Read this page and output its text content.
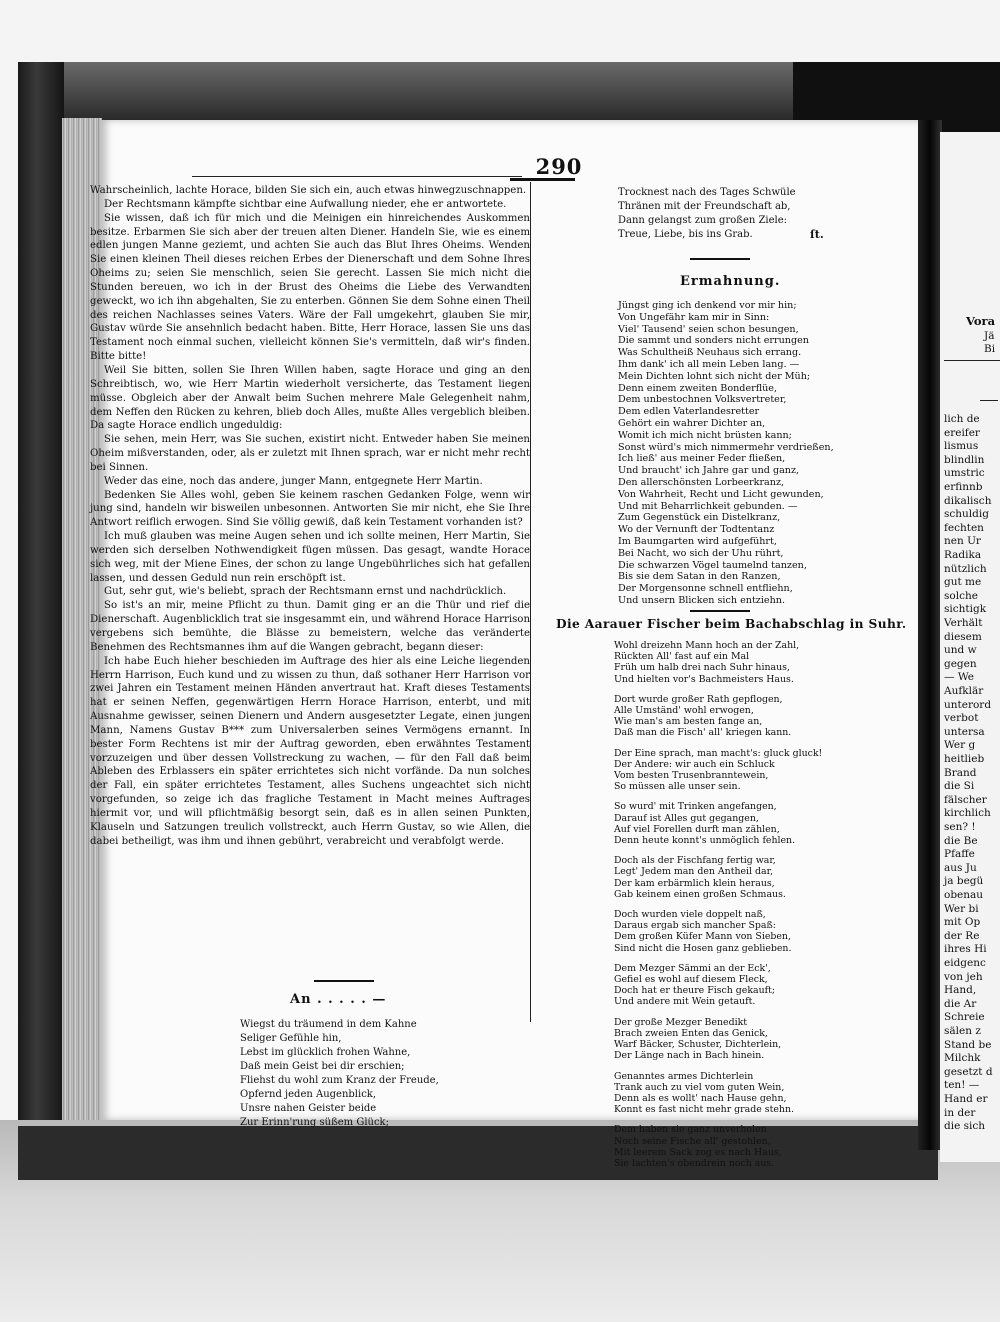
290

Wahrscheinlich, lachte Horace, bilden Sie sich ein, auch etwas hinwegzuschnappen.

Der Rechtsmann kämpfte sichtbar eine Aufwallung nieder, ehe er antwortete.

Sie wissen, daß ich für mich und die Meinigen ein hinreichendes Auskommen besitze. Erbarmen Sie sich aber der treuen alten Diener. Handeln Sie, wie es einem edlen jungen Manne geziemt, und achten Sie auch das Blut Ihres Oheims. Wenden Sie einen kleinen Theil dieses reichen Erbes der Dienerschaft und dem Sohne Ihres Oheims zu; seien Sie menschlich, seien Sie gerecht. Lassen Sie mich nicht die Stunden bereuen, wo ich in der Brust des Oheims die Liebe des Verwandten geweckt, wo ich ihn abgehalten, Sie zu enterben. Gönnen Sie dem Sohne einen Theil des reichen Nachlasses seines Vaters. Wäre der Fall umgekehrt, glauben Sie mir, Gustav würde Sie ansehnlich bedacht haben. Bitte, Herr Horace, lassen Sie uns das Testament noch einmal suchen, vielleicht können Sie's vermitteln, daß wir's finden. Bitte bitte!

Weil Sie bitten, sollen Sie Ihren Willen haben, sagte Horace und ging an den Schreibtisch, wo, wie Herr Martin wiederholt versicherte, das Testament liegen müsse. Obgleich aber der Anwalt beim Suchen mehrere Male Gelegenheit nahm, dem Neffen den Rücken zu kehren, blieb doch Alles, mußte Alles vergeblich bleiben. Da sagte Horace endlich ungeduldig:

Sie sehen, mein Herr, was Sie suchen, existirt nicht. Entweder haben Sie meinen Oheim mißverstanden, oder, als er zuletzt mit Ihnen sprach, war er nicht mehr recht bei Sinnen.

Weder das eine, noch das andere, junger Mann, entgegnete Herr Martin.

Bedenken Sie Alles wohl, geben Sie keinem raschen Gedanken Folge, wenn wir jung sind, handeln wir bisweilen unbesonnen. Antworten Sie mir nicht, ehe Sie Ihre Antwort reiflich erwogen. Sind Sie völlig gewiß, daß kein Testament vorhanden ist?

Ich muß glauben was meine Augen sehen und ich sollte meinen, Herr Martin, Sie werden sich derselben Nothwendigkeit fügen müssen. Das gesagt, wandte Horace sich weg, mit der Miene Eines, der schon zu lange Ungebührliches sich hat gefallen lassen, und dessen Geduld nun rein erschöpft ist.

Gut, sehr gut, wie's beliebt, sprach der Rechtsmann ernst und nachdrücklich.

So ist's an mir, meine Pflicht zu thun. Damit ging er an die Thür und rief die Dienerschaft. Augenblicklich trat sie insgesammt ein, und während Horace Harrison vergebens sich bemühte, die Blässe zu bemeistern, welche das veränderte Benehmen des Rechtsmannes ihm auf die Wangen gebracht, begann dieser:

Ich habe Euch hieher beschieden im Auftrage des hier als eine Leiche liegenden Herrn Harrison, Euch kund und zu wissen zu thun, daß sothaner Herr Harrison vor zwei Jahren ein Testament meinen Händen anvertraut hat. Kraft dieses Testaments hat er seinen Neffen, gegenwärtigen Herrn Horace Harrison, enterbt, und mit Ausnahme gewisser, seinen Dienern und Andern ausgesetzter Legate, einen jungen Mann, Namens Gustav B*** zum Universalerben seines Vermögens ernannt. In bester Form Rechtens ist mir der Auftrag geworden, eben erwähntes Testament vorzuzeigen und über dessen Vollstreckung zu wachen, — für den Fall daß beim Ableben des Erblassers ein später errichtetes sich nicht vorfände. Da nun solches der Fall, ein später errichtetes Testament, alles Suchens ungeachtet sich nicht vorgefunden, so zeige ich das fragliche Testament in Macht meines Auftrages hiermit vor, und will pflichtmäßig besorgt sein, daß es in allen seinen Punkten, Klauseln und Satzungen treulich vollstreckt, auch Herrn Gustav, so wie Allen, die dabei betheiligt, was ihm und ihnen gebührt, verabreicht und verabfolgt werde.

An . . . . . —
Wiegst du träumend in dem Kahne
Seliger Gefühle hin,
Lebst im glücklich frohen Wahne,
Daß mein Geist bei dir erschien;
Fliehst du wohl zum Kranz der Freude,
Opfernd jeden Augenblick,
Unsre nahen Geister beide
Zur Erinn'rung süßem Glück;
Trocknest nach des Tages Schwüle
Thränen mit der Freundschaft ab,
Dann gelangst zum großen Ziele:
Treue, Liebe, bis ins Grab.	ſt.
Ermahnung.
Jüngst ging ich denkend vor mir hin;
Von Ungefähr kam mir in Sinn:
Viel' Tausend' seien schon besungen,
Die sammt und sonders nicht errungen
Was Schultheiß Neuhaus sich errang.
Ihm dank' ich all mein Leben lang. —
Mein Dichten lohnt sich nicht der Müh;
Denn einem zweiten Bonderflüe,
Dem unbestochnen Volksvertreter,
Dem edlen Vaterlandesretter
Gehört ein wahrer Dichter an,
Womit ich mich nicht brüsten kann;
Sonst würd's mich nimmermehr verdrießen,
Ich ließ' aus meiner Feder fließen,
Und braucht' ich Jahre gar und ganz,
Den allerschönsten Lorbeerkranz,
Von Wahrheit, Recht und Licht gewunden,
Und mit Beharrlichkeit gebunden. —
Zum Gegenstück ein Distelkranz,
Wo der Vernunft der Todtentanz
Im Baumgarten wird aufgeführt,
Bei Nacht, wo sich der Uhu rührt,
Die schwarzen Vögel taumelnd tanzen,
Bis sie dem Satan in den Ranzen,
Der Morgensonne schnell entfliehn,
Und unsern Blicken sich entziehn.
Die Aarauer Fischer beim Bachabschlag in Suhr.
Wohl dreizehn Mann hoch an der Zahl,
Rückten All' fast auf ein Mal
Früh um halb drei nach Suhr hinaus,
Und hielten vor's Bachmeisters Haus.
Dort wurde großer Rath gepflogen,
Alle Umständ' wohl erwogen,
Wie man's am besten fange an,
Daß man die Fisch' all' kriegen kann.
Der Eine sprach, man macht's: gluck gluck!
Der Andere: wir auch ein Schluck
Vom besten Trusenbranntewein,
So müssen alle unser sein.
So wurd' mit Trinken angefangen,
Darauf ist Alles gut gegangen,
Auf viel Forellen durft man zählen,
Denn heute konnt's unmöglich fehlen.
Doch als der Fischfang fertig war,
Legt' Jedem man den Antheil dar,
Der kam erbärmlich klein heraus,
Gab keinem einen großen Schmaus.
Doch wurden viele doppelt naß,
Daraus ergab sich mancher Spaß:
Dem großen Küfer Mann von Sieben,
Sind nicht die Hosen ganz geblieben.
Dem Mezger Sämmi an der Eck',
Gefiel es wohl auf diesem Fleck,
Doch hat er theure Fisch gekauft;
Und andere mit Wein getauft.
Der große Mezger Benedikt
Brach zweien Enten das Genick,
Warf Bäcker, Schuster, Dichterlein,
Der Länge nach in Bach hinein.
Genanntes armes Dichterlein
Trank auch zu viel vom guten Wein,
Denn als es wollt' nach Hause gehn,
Konnt es fast nicht mehr grade stehn.
Dem haben sie ganz unverholen
Noch seine Fische all' gestohlen,
Mit leerem Sack zog es nach Haus,
Sie lachten's obendrein noch aus.
Vora
Jä
Bi
lich de
ereifer
lismus
blindlin
umstric
erfinnb
dikalisch
schuldig
fechten
nen Ur
Radika
nützlich
gut me
solche
sichtigk
Verhält
diesem
und w
gegen
— We
Aufklär
unterord
verbot
untersa
Wer g
heitlieb
Brand
die Si
fälscher
kirchlich
sen? !
die Be
Pfaffe
aus Ju
ja begü
obenau
Wer bi
mit Op
der Re
ihres Hi
eidgenc
von jeh
Hand,
die Ar
Schreie
sälen z
Stand be
Milchk
gesetzt d
ten! —
Hand er
in der
die sich
